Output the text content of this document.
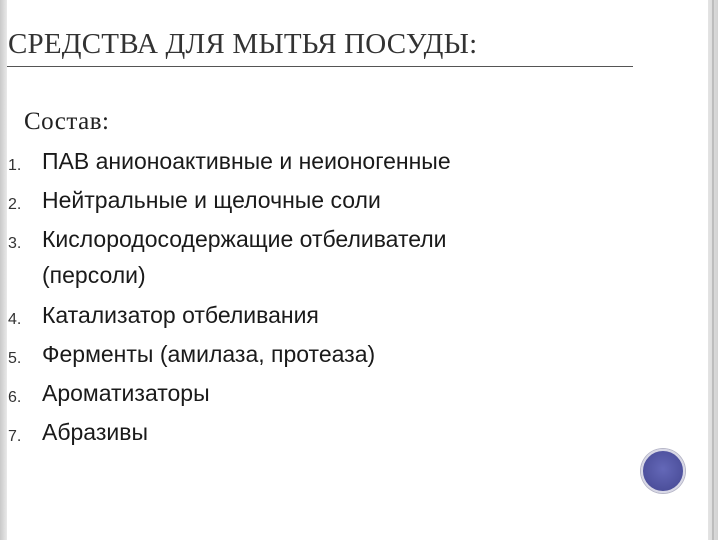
СРЕДСТВА ДЛЯ МЫТЬЯ ПОСУДЫ:
Состав:
1. ПАВ анионоактивные и неионогенные
2. Нейтральные и щелочные соли
3. Кислородосодержащие отбеливатели
(персоли)
4. Катализатор отбеливания
5. Ферменты (амилаза, протеаза)
6. Ароматизаторы
7. Абразивы
